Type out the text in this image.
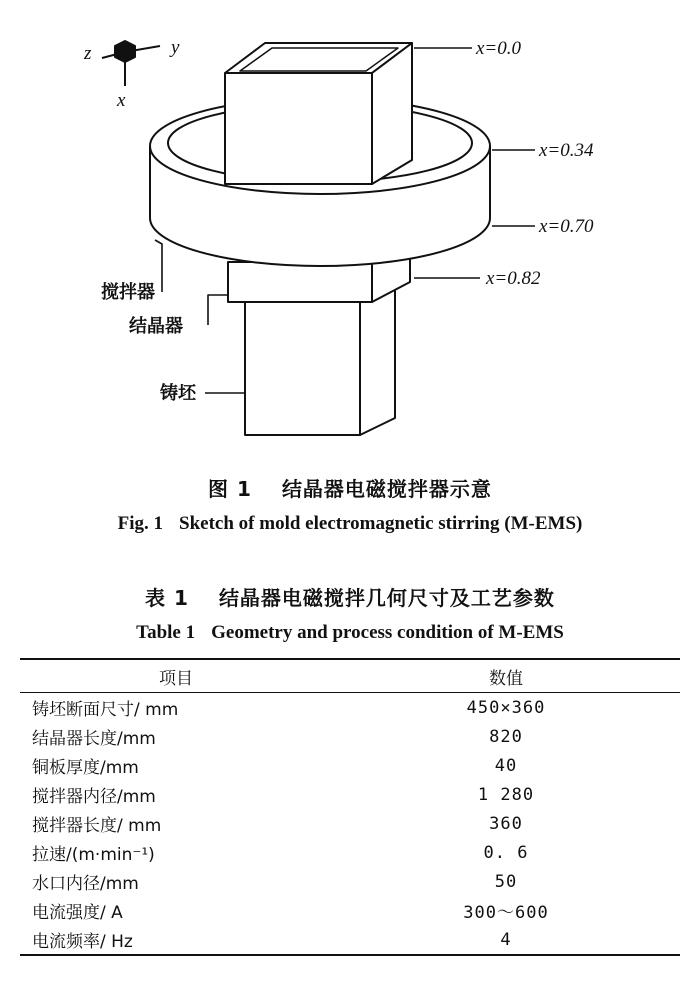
z	y
x
x=0.0
x=0.34
x=0.70
x=0.82
搅拌器
结晶器
铸坯
图 1 结晶器电磁搅拌器示意
Fig. 1 Sketch of mold electromagnetic stirring (M-EMS)
表 1 结晶器电磁搅拌几何尺寸及工艺参数
Table 1 Geometry and process condition of M-EMS
项目	数值
铸坯断面尺寸/ mm	450×360
结晶器长度/mm	820
铜板厚度/mm	40
搅拌器内径/mm	1 280
搅拌器长度/ mm	360
拉速/(m·min⁻¹)	0. 6
水口内径/mm	50
电流强度/ A	300～600
电流频率/ Hz	4
